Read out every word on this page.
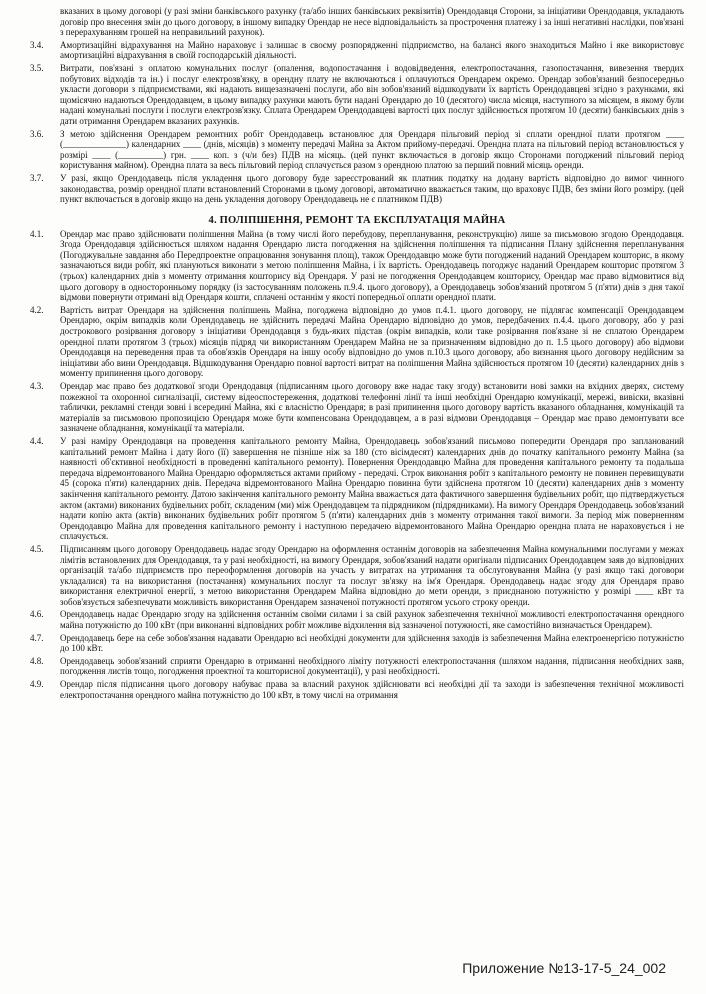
вказаних в цьому договорі (у разі зміни банківського рахунку (та/або інших банківських реквізитів) Орендодавця Сторони, за ініціативи Орендодавця, укладають договір про внесення змін до цього договору, в іншому випадку Орендар не несе відповідальність за прострочення платежу і за інші негативні наслідки, пов'язані з перерахуванням грошей на неправильний рахунок).
3.4.	Амортизаційні відрахування на Майно нараховує і залишає в своєму розпорядженні підприємство, на балансі якого знаходиться Майно і яке використовує амортизаційні відрахування в своїй господарській діяльності.
3.5.	Витрати, пов'язані з оплатою комунальних послуг (опалення, водопостачання і водовідведення, електропостачання, газопостачання, вивезення твердих побутових відходів та ін.) і послуг електрозв'язку, в орендну плату не включаються і оплачуються Орендарем окремо. Орендар зобов'язаний безпосередньо укласти договори з підприємствами, які надають вищезазначені послуги, або він зобов'язаний відшкодувати їх вартість Орендодавцеві згідно з рахунками, які щомісячно надаються Орендодавцем, в цьому випадку рахунки мають бути надані Орендарю до 10 (десятого) числа місяця, наступного за місяцем, в якому були надані комунальні послуги і послуги електрозв'язку. Сплата Орендарем Орендодавцеві вартості цих послуг здійснюється протягом 10 (десяти) банківських днів з дати отримання Орендарем вказаних рахунків.
3.6.	З метою здійснення Орендарем ремонтних робіт Орендодавець встановлює для Орендаря пільговий період зі сплати орендної плати протягом ____ (______________) календарних ____ (днів, місяців) з моменту передачі Майна за Актом прийому-передачі. Орендна плата на пільговий період встановлюється у розмірі ____ (__________) грн. ____ коп. з (ч/и без) ПДВ на місяць. (цей пункт включається в договір якщо Сторонами погоджений пільговий період користування майном). Орендна плата за весь пільговий період сплачується разом з орендною платою за перший повний місяць оренди.
3.7.	У разі, якщо Орендодавець після укладення цього договору буде зареєстрований як платник податку на додану вартість відповідно до вимог чинного законодавства, розмір орендної плати встановлений Сторонами в цьому договорі, автоматично вважається таким, що враховує ПДВ, без зміни його розміру. (цей пункт включається в договір якщо на день укладення договору Орендодавець не є платником ПДВ)
4. ПОЛІПШЕННЯ, РЕМОНТ ТА ЕКСПЛУАТАЦІЯ МАЙНА
4.1.	Орендар має право здійснювати поліпшення Майна (в тому числі його перебудову, перепланування, реконструкцію) лише за письмовою згодою Орендодавця. Згода Орендодавця здійснюється шляхом надання Орендарю листа погодження на здійснення поліпшення та підписання Плану здійснення перепланування (Погоджувальне завдання або Передпроектне опрацювання зонування площ), також Орендодавцю може бути погоджений наданий Орендарем кошторис, в якому зазначаються види робіт, які плануються виконати з метою поліпшення Майна, і їх вартість. Орендодавець погоджує наданий Орендарем кошторис протягом 3 (трьох) календарних днів з моменту отримання кошторису від Орендаря. У разі не погодження Орендодавцем кошторису, Орендар має право відмовитися від цього договору в односторонньому порядку (із застосуванням положень п.9.4. цього договору), а Орендодавець зобов'язаний протягом 5 (п'яти) днів з дня такої відмови повернути отримані від Орендаря кошти, сплачені останнім у якості попередньої оплати орендної плати.
4.2.	Вартість витрат Орендаря на здійснення поліпшень Майна, погоджена відповідно до умов п.4.1. цього договору, не підлягає компенсації Орендодавцем Орендарю, окрім випадків коли Орендодавець не здійснить передачі Майна Орендарю відповідно до умов, передбачених п.4.4. цього договору, або у разі дострокового розірвання договору з ініціативи Орендодавця з будь-яких підстав (окрім випадків, коли таке розірвання пов'язане зі не сплатою Орендарем орендної плати протягом 3 (трьох) місяців підряд чи використанням Орендарем Майна не за призначенням відповідно до п. 1.5 цього договору) або відмови Орендодавця на переведення прав та обов'язків Орендаря на іншу особу відповідно до умов п.10.3 цього договору, або визнання цього договору недійсним за ініціативи або вини Орендодавця. Відшкодування Орендарю повної вартості витрат на поліпшення Майна здійснюється протягом 10 (десяти) календарних днів з моменту припинення цього договору.
4.3.	Орендар має право без додаткової згоди Орендодавця (підписанням цього договору вже надає таку згоду) встановити нові замки на вхідних дверях, систему пожежної та охоронної сигналізації, систему відеоспостереження, додаткові телефонні лінії та інші необхідні Орендарю комунікації, мережі, вивіски, вказівні таблички, рекламні стенди зовні і всередині Майна, які є власністю Орендаря; в разі припинення цього договору вартість вказаного обладнання, комунікацій та матеріалів за письмовою пропозицією Орендаря може бути компенсована Орендодавцем, а в разі відмови Орендодавця – Орендар має право демонтувати все зазначене обладнання, комунікації та матеріали.
4.4.	У разі наміру Орендодавця на проведення капітального ремонту Майна, Орендодавець зобов'язаний письмово попередити Орендаря про запланований капітальний ремонт Майна і дату його (її) завершення не пізніше ніж за 180 (сто вісімдесят) календарних днів до початку капітального ремонту Майна (за наявності об'єктивної необхідності в проведенні капітального ремонту). Повернення Орендодавцю Майна для проведення капітального ремонту та подальша передача відремонтованого Майна Орендарю оформляється актами прийому - передачі. Строк виконання робіт з капітального ремонту не повинен перевищувати 45 (сорока п'яти) календарних днів. Передача відремонтованого Майна Орендарю повинна бути здійснена протягом 10 (десяти) календарних днів з моменту закінчення капітального ремонту. Датою закінчення капітального ремонту Майна вважається дата фактичного завершення будівельних робіт, що підтверджується актом (актами) виконаних будівельних робіт, складеним (ми) між Орендодавцем та підрядником (підрядниками). На вимогу Орендаря Орендодавець зобов'язаний надати копію акта (актів) виконаних будівельних робіт протягом 5 (п'яти) календарних днів з моменту отримання такої вимоги. За період між поверненням Орендодавцю Майна для проведення капітального ремонту і наступною передачею відремонтованого Майна Орендарю орендна плата не нараховується і не сплачується.
4.5.	Підписанням цього договору Орендодавець надає згоду Орендарю на оформлення останнім договорів на забезпечення Майна комунальними послугами у межах лімітів встановлених для Орендодавця, та у разі необхідності, на вимогу Орендаря, зобов'язаний надати оригінали підписаних Орендодавцем заяв до відповідних організацій та/або підприємств про переоформлення договорів на участь у витратах на утримання та обслуговування Майна (у разі якщо такі договори укладалися) та на використання (постачання) комунальних послуг та послуг зв'язку на ім'я Орендаря. Орендодавець надає згоду для Орендаря право використання електричної енергії, з метою використання Орендарем Майна відповідно до мети оренди, з приєднаною потужністю у розмірі ____ кВт та зобов'язується забезпечувати можливість використання Орендарем зазначеної потужності протягом усього строку оренди.
4.6.	Орендодавець надає Орендарю згоду на здійснення останнім своїми силами і за свій рахунок забезпечення технічної можливості електропостачання орендного майна потужністю до 100 кВт (при виконанні відповідних робіт можливе відхилення від зазначеної потужності, яке самостійно визначається Орендарем).
4.7.	Орендодавець бере на себе зобов'язання надавати Орендарю всі необхідні документи для здійснення заходів із забезпечення Майна електроенергією потужністю до 100 кВт.
4.8.	Орендодавець зобов'язаний сприяти Орендарю в отриманні необхідного ліміту потужності електропостачання (шляхом надання, підписання необхідних заяв, погодження листів тощо, погодження проектної та кошторисної документації), у разі необхідності.
4.9.	Орендар після підписання цього договору набуває права за власний рахунок здійснювати всі необхідні дії та заходи із забезпечення технічної можливості електропостачання орендного майна потужністю до 100 кВт, в тому числі на отримання
Приложение №13-17-5_24_002
